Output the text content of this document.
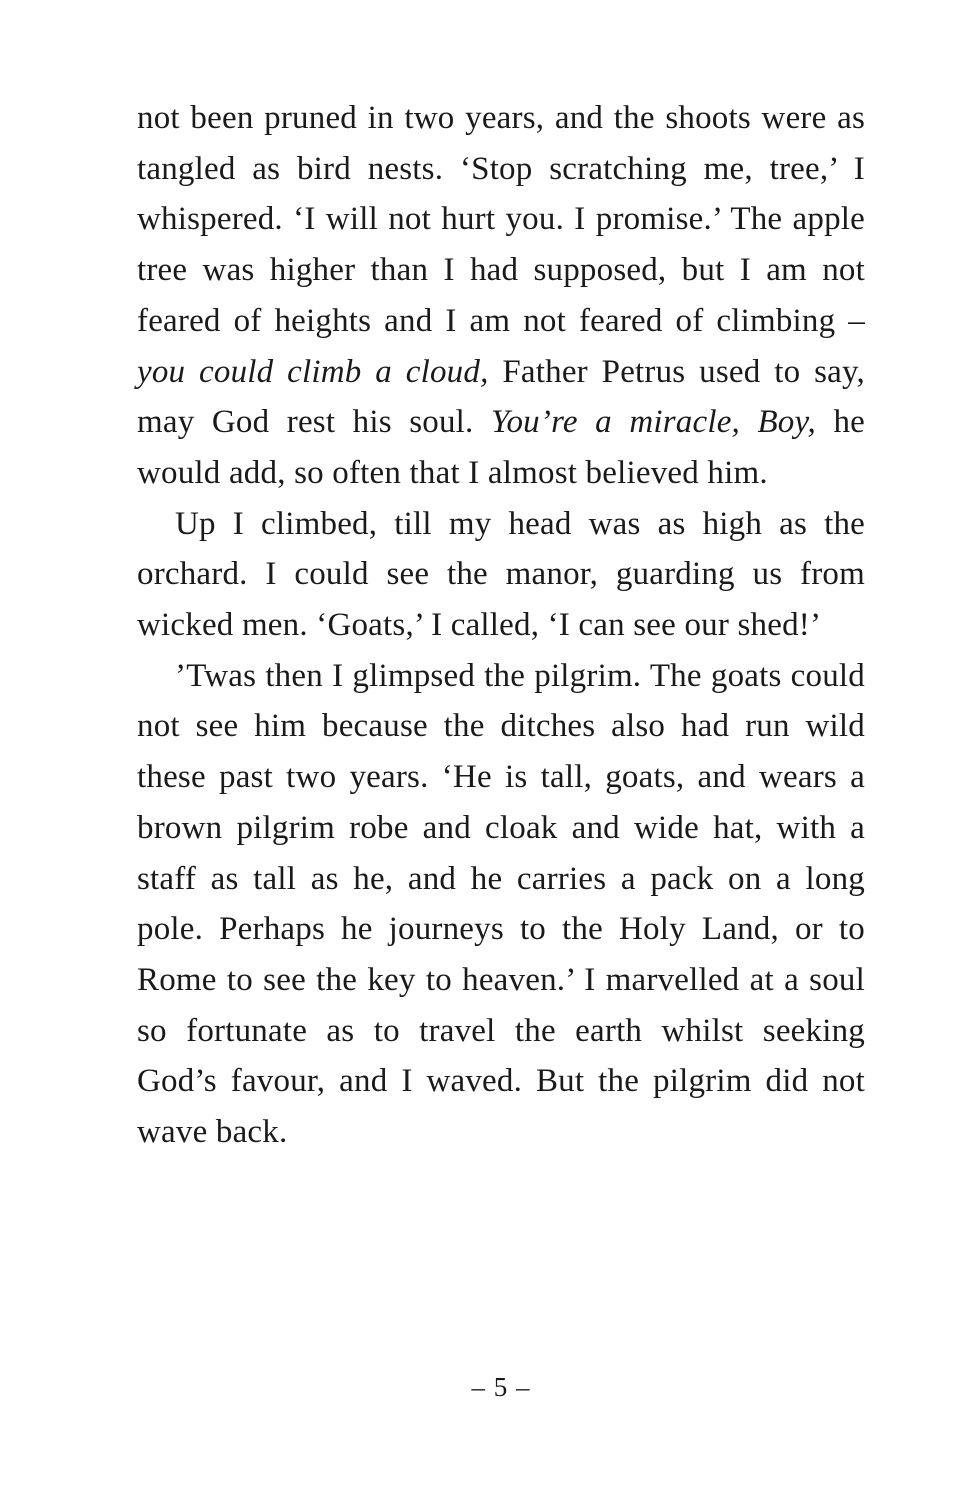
not been pruned in two years, and the shoots were as tangled as bird nests. ‘Stop scratching me, tree,’ I whispered. ‘I will not hurt you. I promise.’ The apple tree was higher than I had supposed, but I am not feared of heights and I am not feared of climbing – you could climb a cloud, Father Petrus used to say, may God rest his soul. You’re a miracle, Boy, he would add, so often that I almost believed him.

Up I climbed, till my head was as high as the orchard. I could see the manor, guarding us from wicked men. ‘Goats,’ I called, ‘I can see our shed!’

’Twas then I glimpsed the pilgrim. The goats could not see him because the ditches also had run wild these past two years. ‘He is tall, goats, and wears a brown pilgrim robe and cloak and wide hat, with a staff as tall as he, and he carries a pack on a long pole. Perhaps he journeys to the Holy Land, or to Rome to see the key to heaven.’ I marvelled at a soul so fortunate as to travel the earth whilst seeking God’s favour, and I waved. But the pilgrim did not wave back.

– 5 –
